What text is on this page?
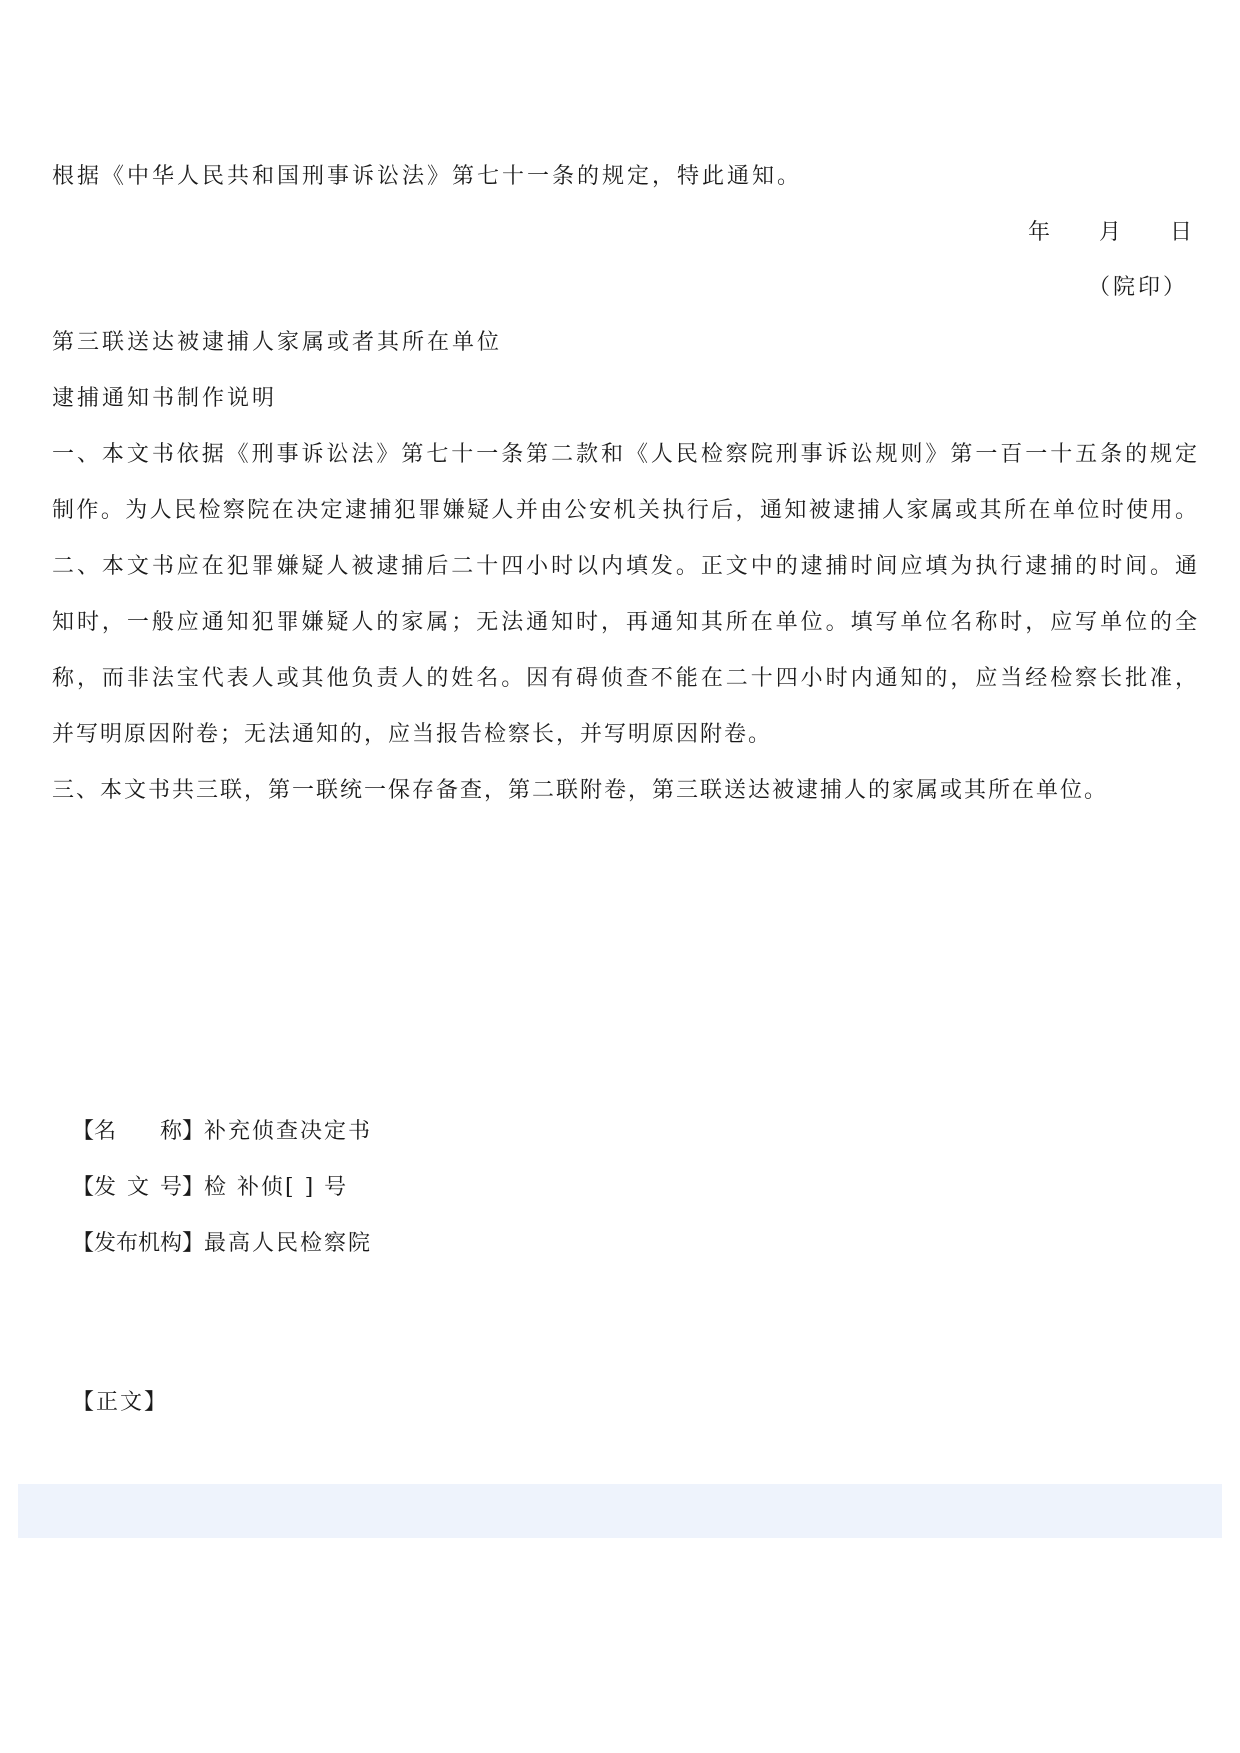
根据《中华人民共和国刑事诉讼法》第七十一条的规定，特此通知。
年 月 日
（院印）
第三联送达被逮捕人家属或者其所在单位
逮捕通知书制作说明
一、本文书依据《刑事诉讼法》第七十一条第二款和《人民检察院刑事诉讼规则》第一百一十五条的规定
制作。为人民检察院在决定逮捕犯罪嫌疑人并由公安机关执行后，通知被逮捕人家属或其所在单位时使用。
二、本文书应在犯罪嫌疑人被逮捕后二十四小时以内填发。正文中的逮捕时间应填为执行逮捕的时间。通
知时，一般应通知犯罪嫌疑人的家属；无法通知时，再通知其所在单位。填写单位名称时，应写单位的全
称，而非法宝代表人或其他负责人的姓名。因有碍侦查不能在二十四小时内通知的，应当经检察长批准，
并写明原因附卷；无法通知的，应当报告检察长，并写明原因附卷。
三、本文书共三联，第一联统一保存备查，第二联附卷，第三联送达被逮捕人的家属或其所在单位。
【名称】补充侦查决定书
【发文号】检 补侦[ ] 号
【发布机构】最高人民检察院
【正文】
